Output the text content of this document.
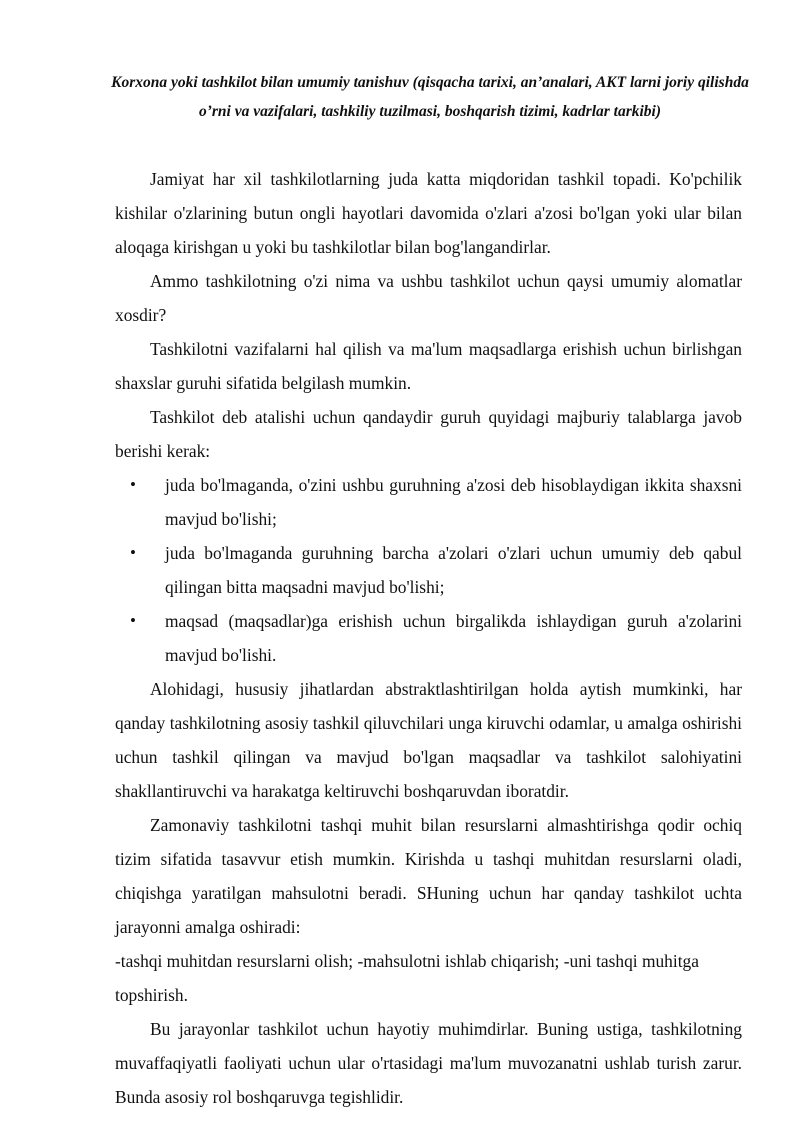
Korxona yoki tashkilot bilan umumiy tanishuv (qisqacha tarixi, an’analari, AKT larni joriy qilishda o’rni va vazifalari, tashkiliy tuzilmasi, boshqarish tizimi, kadrlar tarkibi)

Jamiyat har xil tashkilotlarning juda katta miqdoridan tashkil topadi. Ko'pchilik kishilar o'zlarining butun ongli hayotlari davomida o'zlari a'zosi bo'lgan yoki ular bilan aloqaga kirishgan u yoki bu tashkilotlar bilan bog'langandirlar.

Ammo tashkilotning o'zi nima va ushbu tashkilot uchun qaysi umumiy alomatlar xosdir?

Tashkilotni vazifalarni hal qilish va ma'lum maqsadlarga erishish uchun birlishgan shaxslar guruhi sifatida belgilash mumkin.

Tashkilot deb atalishi uchun qandaydir guruh quyidagi majburiy talablarga javob berishi kerak:

• juda bo'lmaganda, o'zini ushbu guruhning a'zosi deb hisoblaydigan ikkita shaxsni mavjud bo'lishi;
• juda bo'lmaganda guruhning barcha a'zolari o'zlari uchun umumiy deb qabul qilingan bitta maqsadni mavjud bo'lishi;
• maqsad (maqsadlar)ga erishish uchun birgalikda ishlaydigan guruh a'zolarini mavjud bo'lishi.

Alohidagi, hususiy jihatlardan abstraktlashtirilgan holda aytish mumkinki, har qanday tashkilotning asosiy tashkil qiluvchilari unga kiruvchi odamlar, u amalga oshirishi uchun tashkil qilingan va mavjud bo'lgan maqsadlar va tashkilot salohiyatini shakllantiruvchi va harakatga keltiruvchi boshqaruvdan iboratdir.

Zamonaviy tashkilotni tashqi muhit bilan resurslarni almashtirishga qodir ochiq tizim sifatida tasavvur etish mumkin. Kirishda u tashqi muhitdan resurslarni oladi, chiqishga yaratilgan mahsulotni beradi. SHuning uchun har qanday tashkilot uchta jarayonni amalga oshiradi:

-tashqi muhitdan resurslarni olish; -mahsulotni ishlab chiqarish; -uni tashqi muhitga topshirish.

Bu jarayonlar tashkilot uchun hayotiy muhimdirlar. Buning ustiga, tashkilotning muvaffaqiyatli faoliyati uchun ular o'rtasidagi ma'lum muvozanatni ushlab turish zarur. Bunda asosiy rol boshqaruvga tegishlidir.
